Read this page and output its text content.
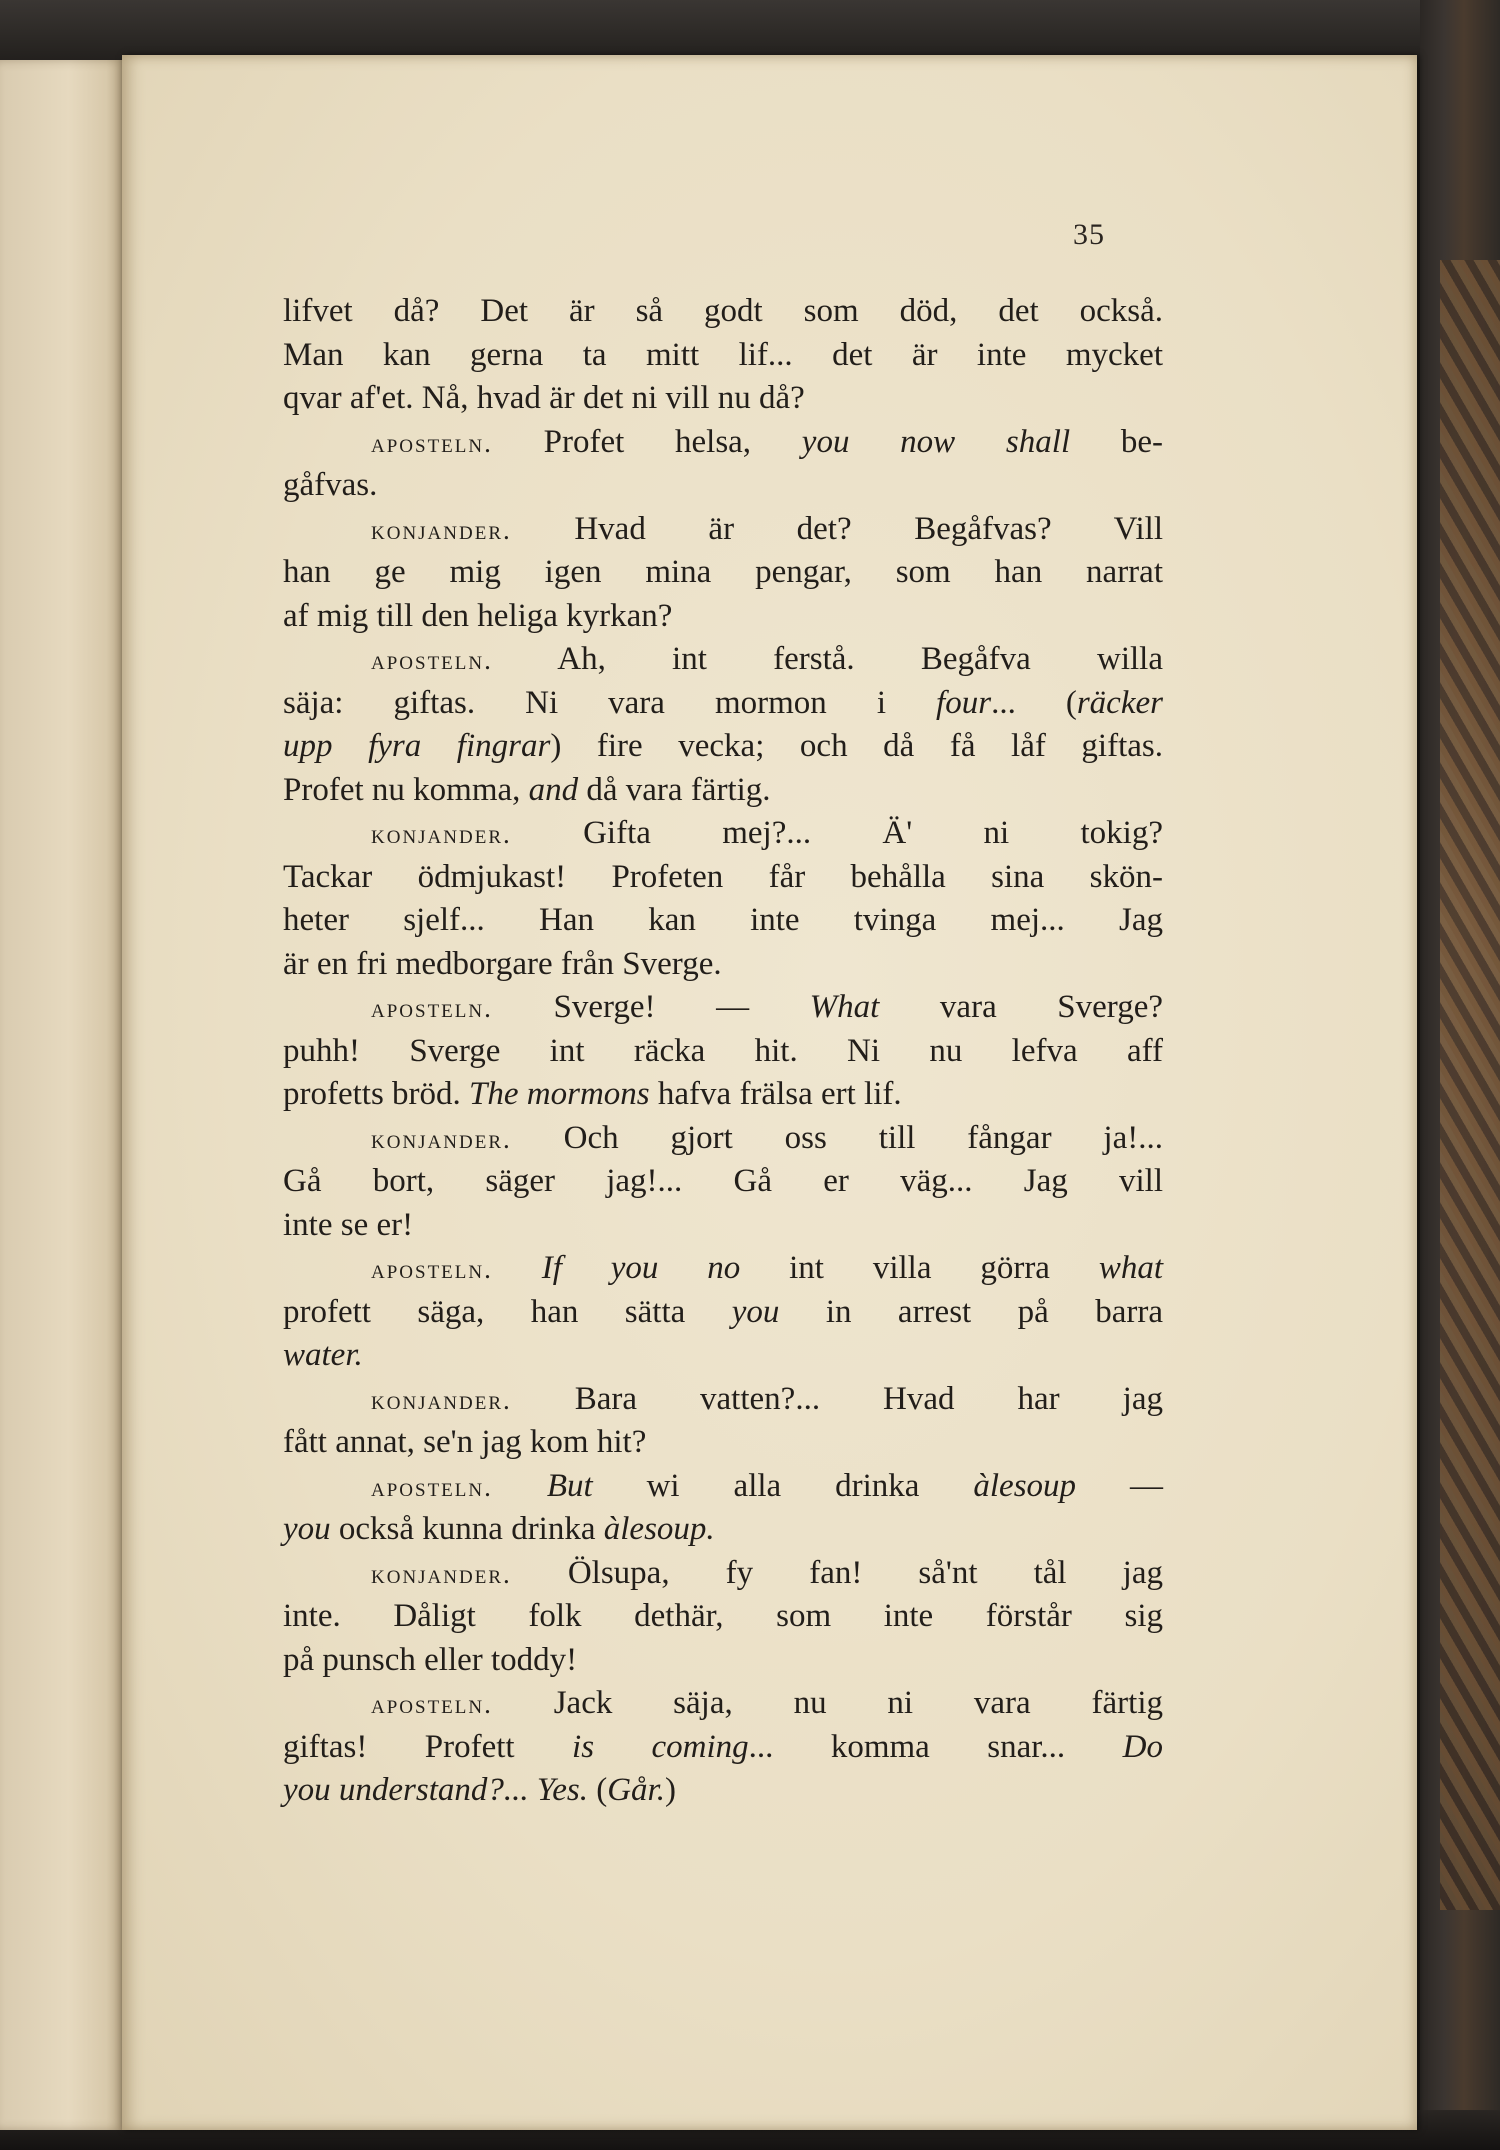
35
lifvet då? Det är så godt som död, det också.
Man kan gerna ta mitt lif... det är inte mycket
qvar af'et. Nå, hvad är det ni vill nu då?
aposteln. Profet helsa, you now shall be-
gåfvas.
konjander. Hvad är det? Begåfvas? Vill
han ge mig igen mina pengar, som han narrat
af mig till den heliga kyrkan?
aposteln. Ah, int ferstå. Begåfva willa
säja: giftas. Ni vara mormon i four... (räcker
upp fyra fingrar) fire vecka; och då få låf giftas.
Profet nu komma, and då vara färtig.
konjander. Gifta mej?... Ä' ni tokig?
Tackar ödmjukast! Profeten får behålla sina skön-
heter sjelf... Han kan inte tvinga mej... Jag
är en fri medborgare från Sverge.
aposteln. Sverge! — What vara Sverge?
puhh! Sverge int räcka hit. Ni nu lefva aff
profetts bröd. The mormons hafva frälsa ert lif.
konjander. Och gjort oss till fångar ja!...
Gå bort, säger jag!... Gå er väg... Jag vill
inte se er!
aposteln. If you no int villa görra what
profett säga, han sätta you in arrest på barra
water.
konjander. Bara vatten?... Hvad har jag
fått annat, se'n jag kom hit?
aposteln. But wi alla drinka àlesoup —
you också kunna drinka àlesoup.
konjander. Ölsupa, fy fan! så'nt tål jag
inte. Dåligt folk dethär, som inte förstår sig
på punsch eller toddy!
aposteln. Jack säja, nu ni vara färtig
giftas! Profett is coming... komma snar... Do
you understand?... Yes. (Går.)
